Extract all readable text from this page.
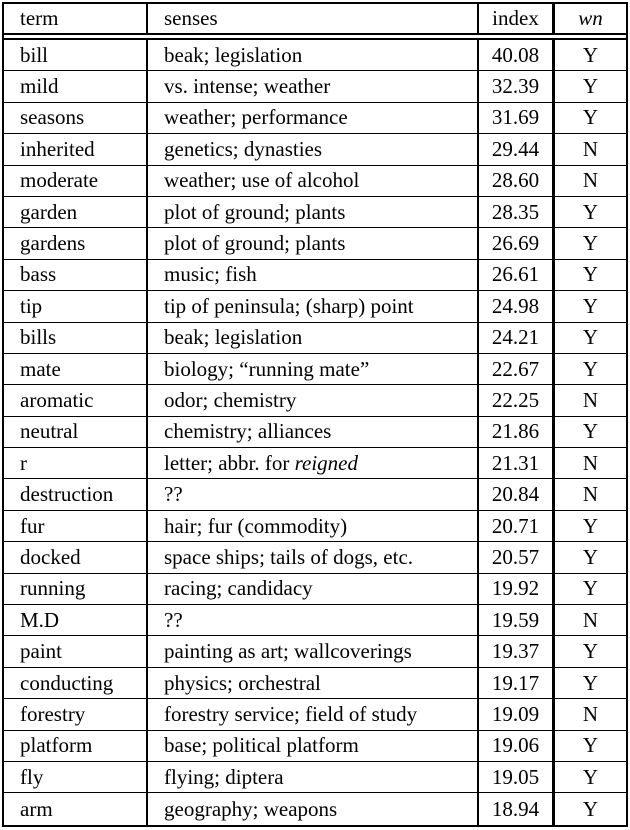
term	senses	index	wn
bill	beak; legislation	40.08	Y
mild	vs. intense; weather	32.39	Y
seasons	weather; performance	31.69	Y
inherited	genetics; dynasties	29.44	N
moderate	weather; use of alcohol	28.60	N
garden	plot of ground; plants	28.35	Y
gardens	plot of ground; plants	26.69	Y
bass	music; fish	26.61	Y
tip	tip of peninsula; (sharp) point	24.98	Y
bills	beak; legislation	24.21	Y
mate	biology; “running mate”	22.67	Y
aromatic	odor; chemistry	22.25	N
neutral	chemistry; alliances	21.86	Y
r	letter; abbr. for reigned	21.31	N
destruction	??	20.84	N
fur	hair; fur (commodity)	20.71	Y
docked	space ships; tails of dogs, etc.	20.57	Y
running	racing; candidacy	19.92	Y
M.D	??	19.59	N
paint	painting as art; wallcoverings	19.37	Y
conducting	physics; orchestral	19.17	Y
forestry	forestry service; field of study	19.09	N
platform	base; political platform	19.06	Y
fly	flying; diptera	19.05	Y
arm	geography; weapons	18.94	Y
